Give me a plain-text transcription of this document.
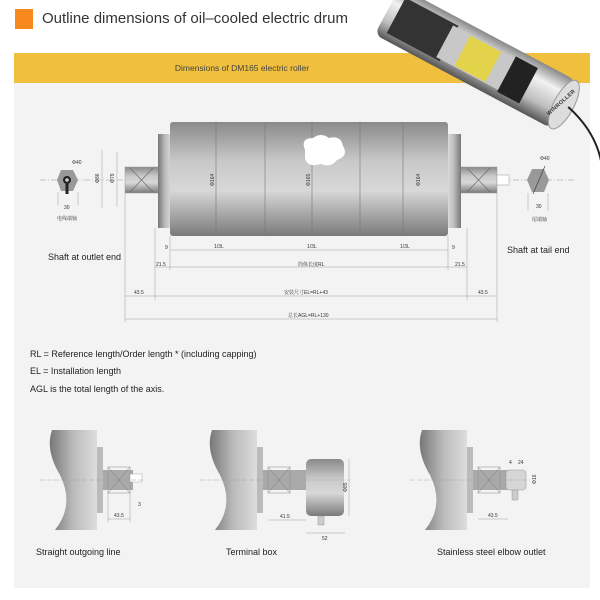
Outline dimensions of oil–cooled electric drum
Dimensions of DM165 electric roller
WINROLLER
Φ86 Φ79	Φ164	Φ165	Φ164
9	9
1/3L	1/3L	1/3L
21.5	21.5
筒体长度RL
43.5	43.5
安装尺寸EL=RL+43
总长AGL=RL+130
Φ40
30
电线端轴
Φ40
30
尾端轴
43.5
3
41.5
52
Φ85
43.5
4 24
Φ16
Shaft at outlet end
Shaft at tail end
RL = Reference length/Order length * (including capping)
EL = Installation length
AGL is the total length of the axis.
Straight outgoing line	Terminal box	Stainless steel elbow outlet
